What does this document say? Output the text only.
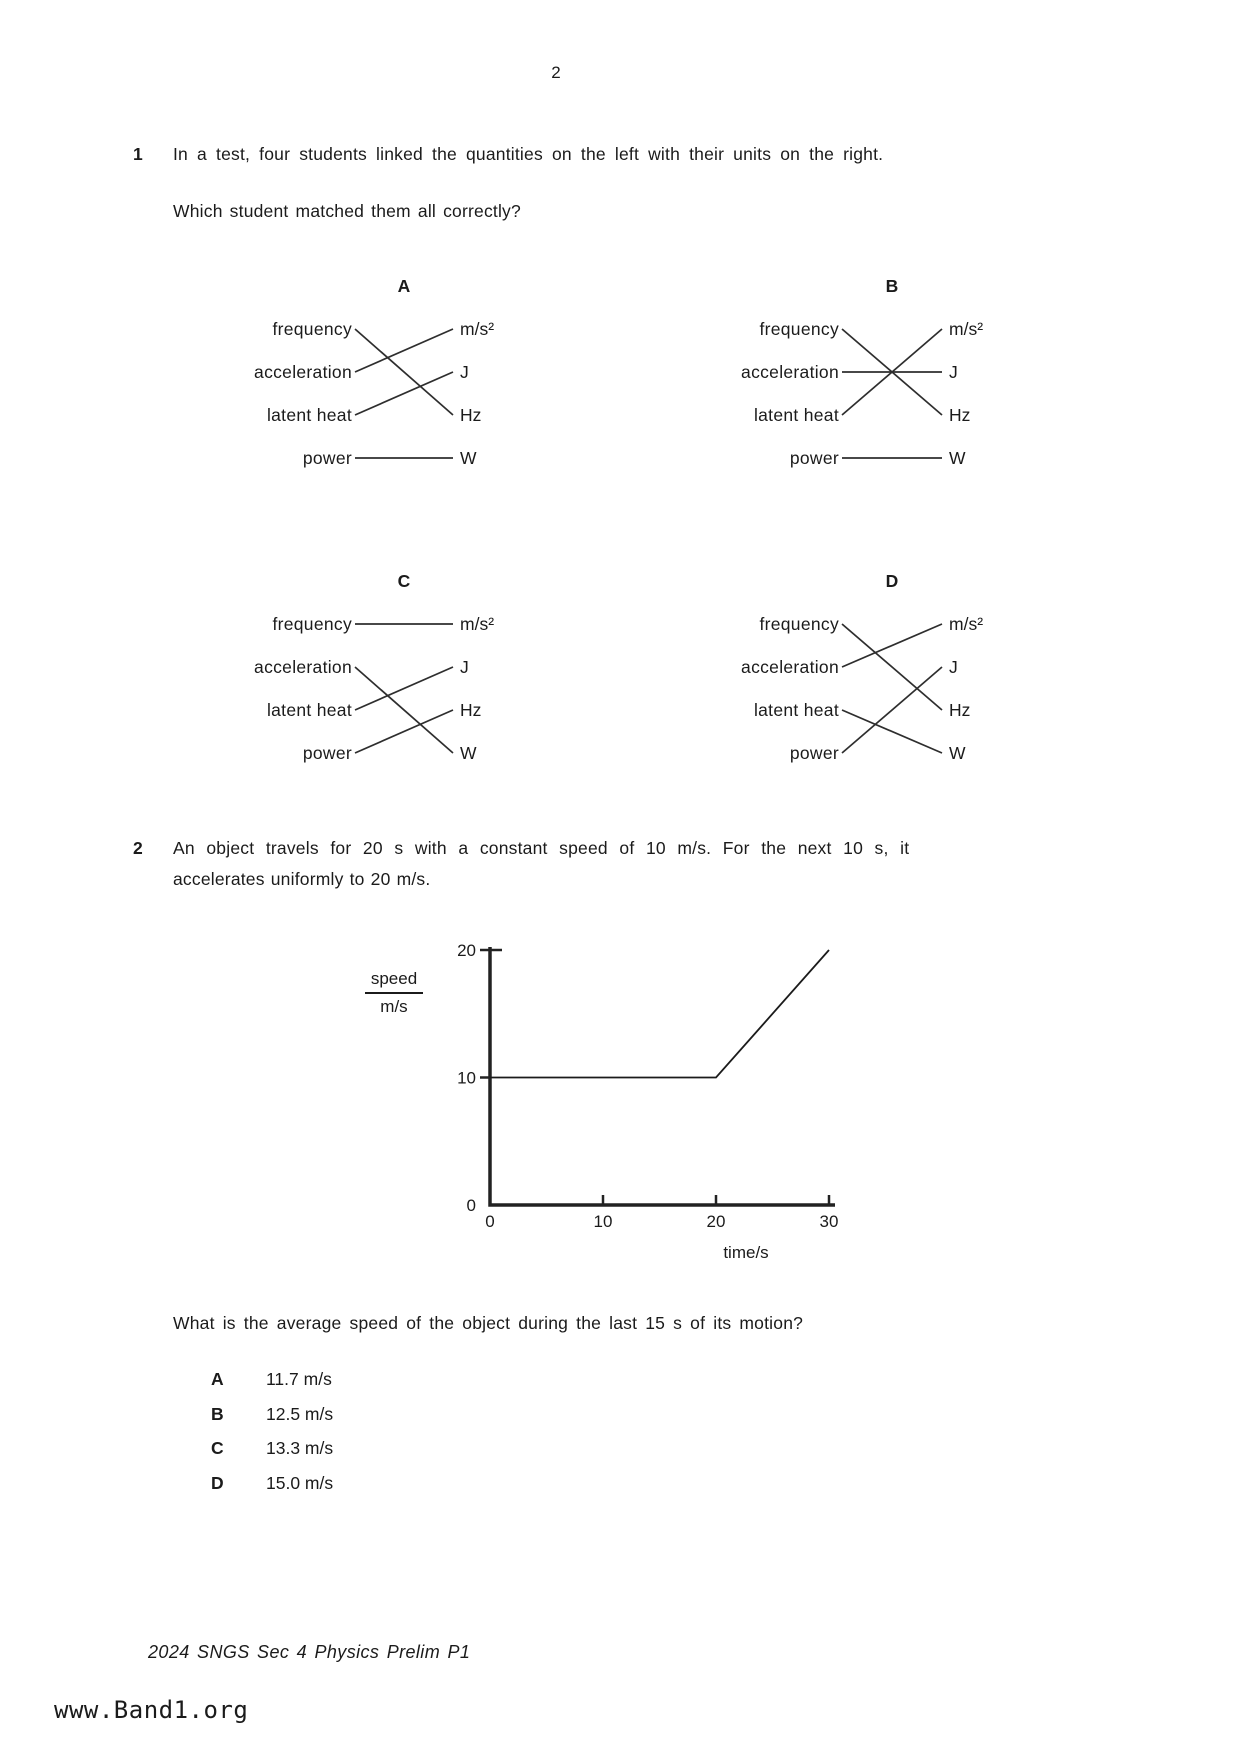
2
1 In a test, four students linked the quantities on the left with their units on the right.
Which student matched them all correctly?
A
frequency	m/s²
acceleration	J
latent heat	Hz
power	W
B
frequency	m/s²
acceleration	J
latent heat	Hz
power	W
C
frequency	m/s²
acceleration	J
latent heat	Hz
power	W
D
frequency	m/s²
acceleration	J
latent heat	Hz
power	W
2 An object travels for 20 s with a constant speed of 10 m/s. For the next 10 s, it
accelerates uniformly to 20 m/s.
0
10
20
0	10	20	30
speed
m/s
time/s
What is the average speed of the object during the last 15 s of its motion?
A 11.7 m/s
B 12.5 m/s
C 13.3 m/s
D 15.0 m/s
2024 SNGS Sec 4 Physics Prelim P1
www.Band1.org
